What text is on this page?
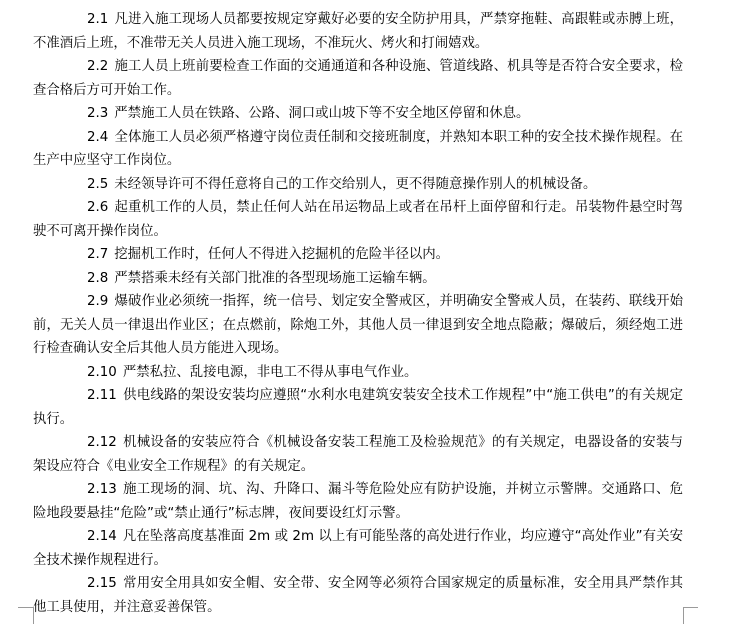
2.1 凡进入施工现场人员都要按规定穿戴好必要的安全防护用具，严禁穿拖鞋、高跟鞋或赤膊上班，不准酒后上班，不准带无关人员进入施工现场，不准玩火、烤火和打闹嬉戏。

2.2 施工人员上班前要检查工作面的交通通道和各种设施、管道线路、机具等是否符合安全要求，检查合格后方可开始工作。

2.3 严禁施工人员在铁路、公路、洞口或山坡下等不安全地区停留和休息。

2.4 全体施工人员必须严格遵守岗位责任制和交接班制度，并熟知本职工种的安全技术操作规程。在生产中应坚守工作岗位。

2.5 未经领导许可不得任意将自己的工作交给别人，更不得随意操作别人的机械设备。

2.6 起重机工作的人员，禁止任何人站在吊运物品上或者在吊杆上面停留和行走。吊装物件悬空时驾驶不可离开操作岗位。

2.7 挖掘机工作时，任何人不得进入挖掘机的危险半径以内。

2.8 严禁搭乘未经有关部门批准的各型现场施工运输车辆。

2.9 爆破作业必须统一指挥，统一信号、划定安全警戒区，并明确安全警戒人员，在装药、联线开始前，无关人员一律退出作业区；在点燃前，除炮工外，其他人员一律退到安全地点隐蔽；爆破后，须经炮工进行检查确认安全后其他人员方能进入现场。

2.10 严禁私拉、乱接电源，非电工不得从事电气作业。

2.11 供电线路的架设安装均应遵照“水利水电建筑安装安全技术工作规程”中“施工供电”的有关规定执行。

2.12 机械设备的安装应符合《机械设备安装工程施工及检验规范》的有关规定，电器设备的安装与架设应符合《电业安全工作规程》的有关规定。

2.13 施工现场的洞、坑、沟、升降口、漏斗等危险处应有防护设施，并树立示警牌。交通路口、危险地段要悬挂“危险”或“禁止通行”标志牌，夜间要设红灯示警。

2.14 凡在坠落高度基准面 2m 或 2m 以上有可能坠落的高处进行作业，均应遵守“高处作业”有关安全技术操作规程进行。

2.15 常用安全用具如安全帽、安全带、安全网等必须符合国家规定的质量标准，安全用具严禁作其他工具使用，并注意妥善保管。
